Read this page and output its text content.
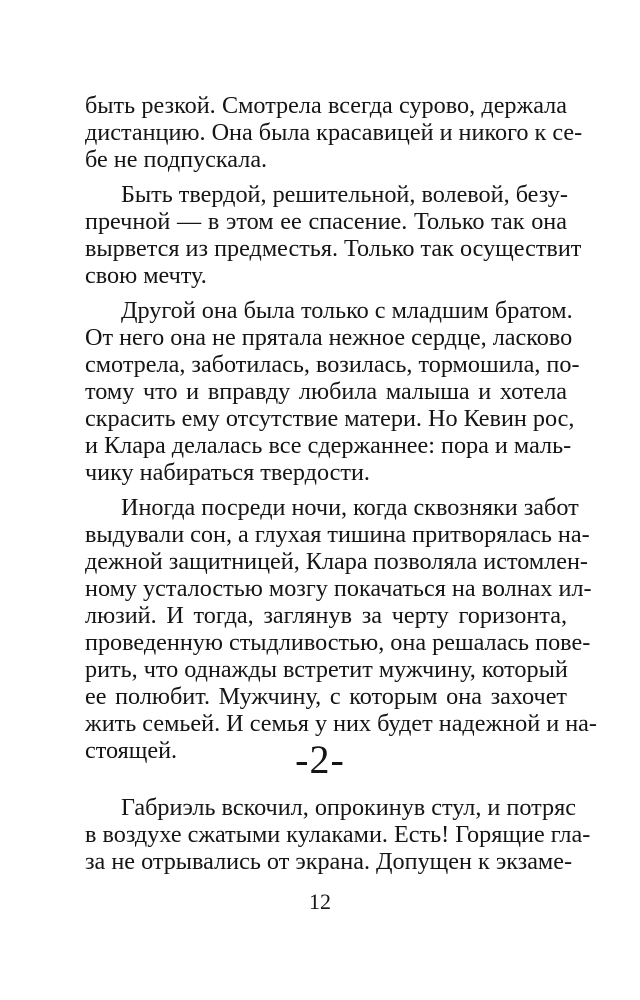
быть резкой. Смотрела всегда сурово, держала
дистанцию. Она была красавицей и никого к се-
бе не подпускала.
Быть твердой, решительной, волевой, безу-
пречной — в этом ее спасение. Только так она
вырвется из предместья. Только так осуществит
свою мечту.
Другой она была только с младшим братом.
От него она не прятала нежное сердце, ласково
смотрела, заботилась, возилась, тормошила, по-
тому что и вправду любила малыша и хотела
скрасить ему отсутствие матери. Но Кевин рос,
и Клара делалась все сдержаннее: пора и маль-
чику набираться твердости.
Иногда посреди ночи, когда сквозняки забот
выдували сон, а глухая тишина притворялась на-
дежной защитницей, Клара позволяла истомлен-
ному усталостью мозгу покачаться на волнах ил-
люзий. И тогда, заглянув за черту горизонта,
проведенную стыдливостью, она решалась пове-
рить, что однажды встретит мужчину, который
ее полюбит. Мужчину, с которым она захочет
жить семьей. И семья у них будет надежной и на-
стоящей.	-2-
Габриэль вскочил, опрокинув стул, и потряс
в воздухе сжатыми кулаками. Есть! Горящие гла-
за не отрывались от экрана. Допущен к экзаме-
12
